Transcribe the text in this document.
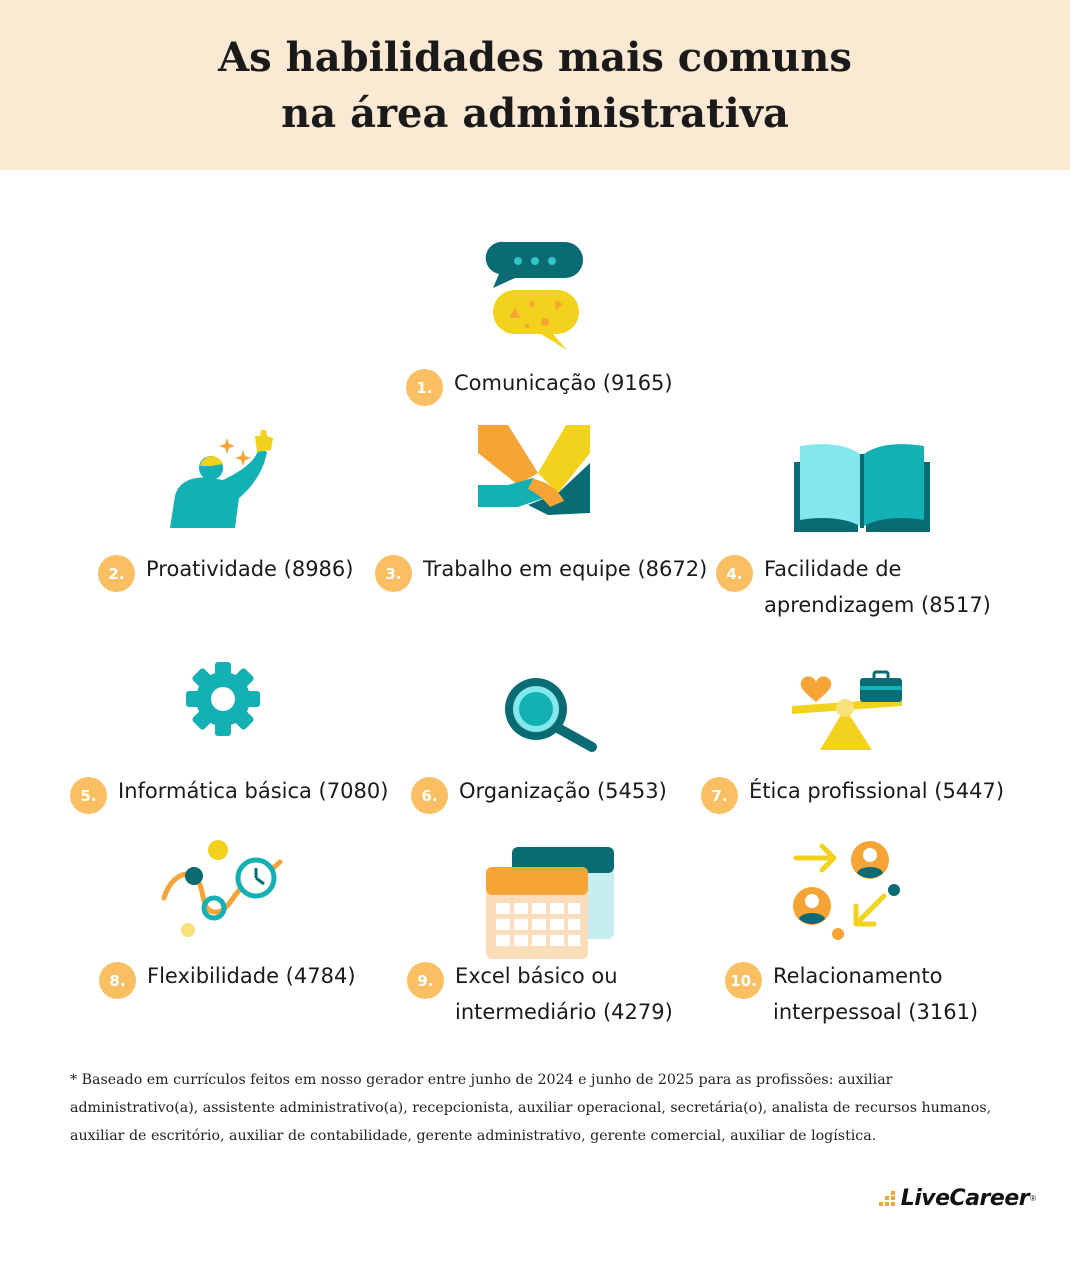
As habilidades mais comuns
na área administrativa
1.	Comunicação (9165)
2.	Proatividade (8986)	3.	Trabalho em equipe (8672)	4.	Facilidade de
aprendizagem (8517)
5.	Informática básica (7080)	6.	Organização (5453)	7.	Ética profissional (5447)
8.	Flexibilidade (4784)	9.	Excel básico ou
intermediário (4279)
10. Relacionamento
interpessoal (3161)
* Baseado em currículos feitos em nosso gerador entre junho de 2024 e junho de 2025 para as profissões: auxiliar administrativo(a), assistente administrativo(a), recepcionista, auxiliar operacional, secretária(o), analista de recursos humanos, auxiliar de escritório, auxiliar de contabilidade, gerente administrativo, gerente comercial, auxiliar de logística.
LiveCareer ®
